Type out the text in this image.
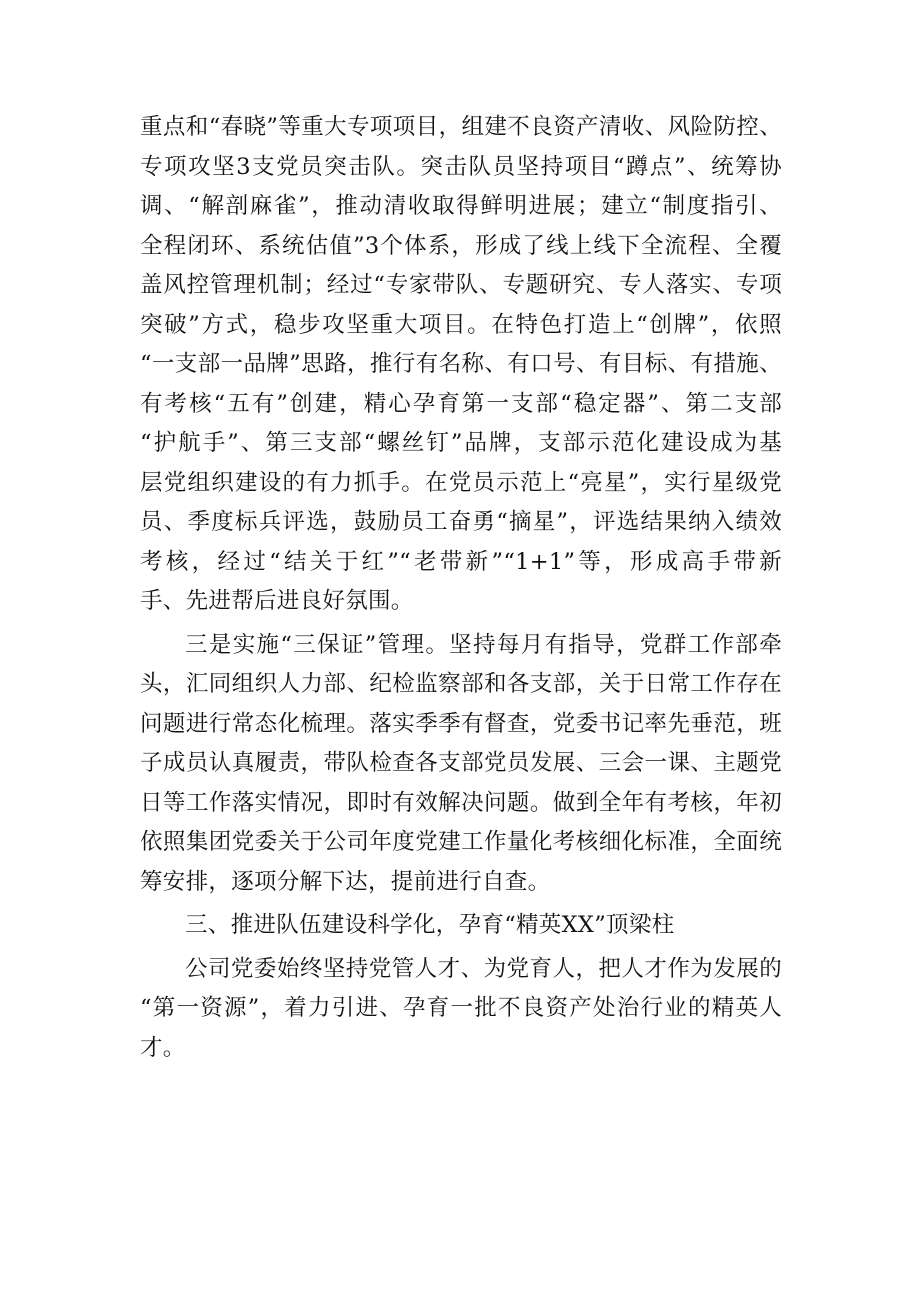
重点和“春晓”等重大专项项目，组建不良资产清收、风险防控、
专项攻坚3支党员突击队。突击队员坚持项目“蹲点”、统筹协
调、“解剖麻雀”，推动清收取得鲜明进展；建立“制度指引、
全程闭环、系统估值”3个体系，形成了线上线下全流程、全覆
盖风控管理机制；经过“专家带队、专题研究、专人落实、专项
突破”方式，稳步攻坚重大项目。在特色打造上“创牌”，依照
“一支部一品牌”思路，推行有名称、有口号、有目标、有措施、
有考核“五有”创建，精心孕育第一支部“稳定器”、第二支部
“护航手”、第三支部“螺丝钉”品牌，支部示范化建设成为基
层党组织建设的有力抓手。在党员示范上“亮星”，实行星级党
员、季度标兵评选，鼓励员工奋勇“摘星”，评选结果纳入绩效
考核，经过“结关于红”“老带新”“1+1”等，形成高手带新
手、先进帮后进良好氛围。
三是实施“三保证”管理。坚持每月有指导，党群工作部牵
头，汇同组织人力部、纪检监察部和各支部，关于日常工作存在
问题进行常态化梳理。落实季季有督查，党委书记率先垂范，班
子成员认真履责，带队检查各支部党员发展、三会一课、主题党
日等工作落实情况，即时有效解决问题。做到全年有考核，年初
依照集团党委关于公司年度党建工作量化考核细化标准，全面统
筹安排，逐项分解下达，提前进行自查。
三、推进队伍建设科学化，孕育“精英XX”顶梁柱
公司党委始终坚持党管人才、为党育人，把人才作为发展的
“第一资源”，着力引进、孕育一批不良资产处治行业的精英人
才。
